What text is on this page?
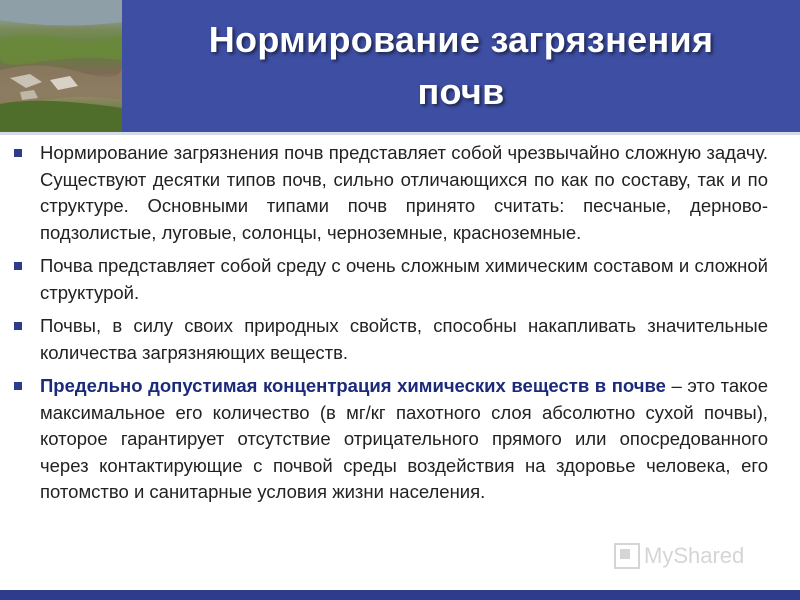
Нормирование загрязнения
почв
Нормирование загрязнения почв представляет собой чрезвычайно сложную задачу. Существуют десятки типов почв, сильно отличающихся по как по составу, так и по структуре. Основными типами почв принято считать: песчаные, дерново-подзолистые, луговые, солонцы, черноземные, красноземные.
Почва представляет собой среду с очень сложным химическим составом и сложной структурой.
Почвы, в силу своих природных свойств, способны накапливать значительные количества загрязняющих веществ.
Предельно допустимая концентрация химических веществ в почве – это такое максимальное его количество (в мг/кг пахотного слоя абсолютно сухой почвы), которое гарантирует отсутствие отрицательного прямого или опосредованного через контактирующие с почвой среды воздействия на здоровье человека, его потомство и санитарные условия жизни населения.
MyShared
